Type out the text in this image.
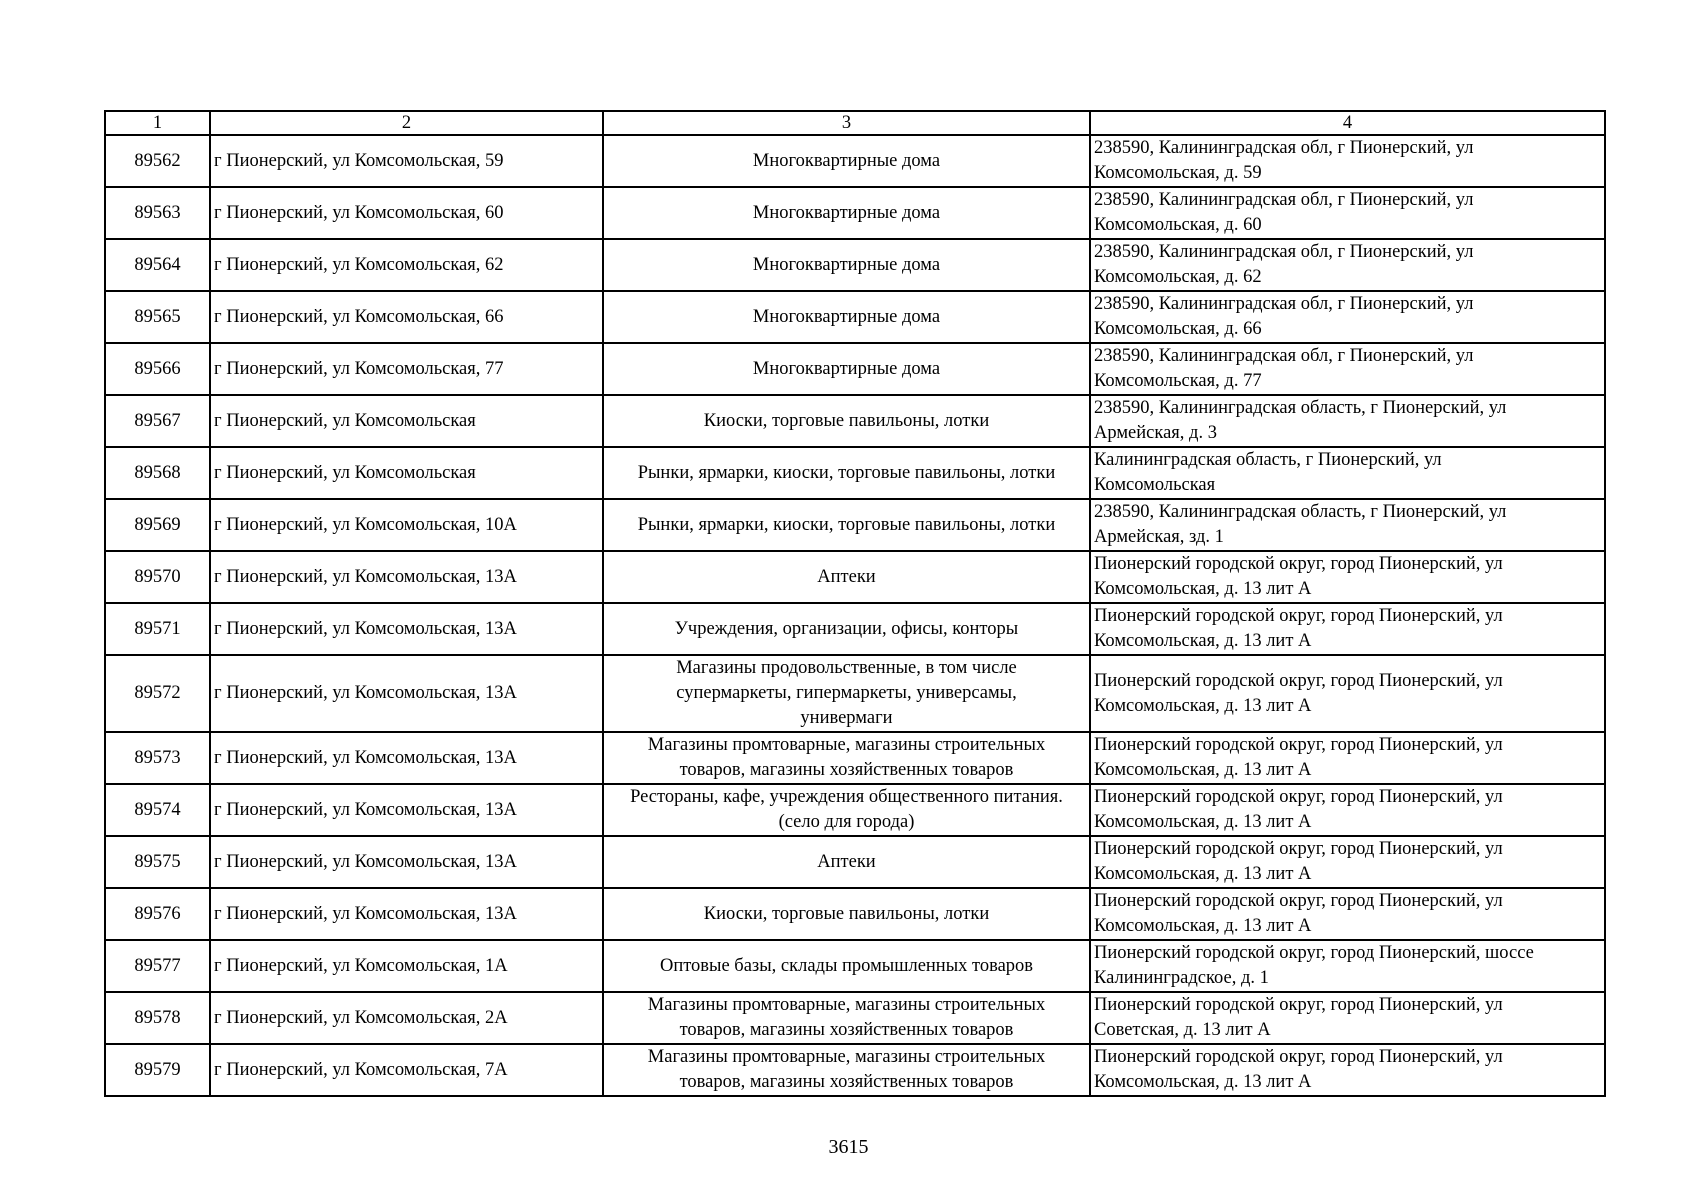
1	2	3	4
89562	г Пионерский, ул Комсомольская, 59	Многоквартирные дома	238590, Калининградская обл, г Пионерский, ул
Комсомольская, д. 59
89563	г Пионерский, ул Комсомольская, 60	Многоквартирные дома	238590, Калининградская обл, г Пионерский, ул
Комсомольская, д. 60
89564	г Пионерский, ул Комсомольская, 62	Многоквартирные дома	238590, Калининградская обл, г Пионерский, ул
Комсомольская, д. 62
89565	г Пионерский, ул Комсомольская, 66	Многоквартирные дома	238590, Калининградская обл, г Пионерский, ул
Комсомольская, д. 66
89566	г Пионерский, ул Комсомольская, 77	Многоквартирные дома	238590, Калининградская обл, г Пионерский, ул
Комсомольская, д. 77
89567	г Пионерский, ул Комсомольская	Киоски, торговые павильоны, лотки	238590, Калининградская область, г Пионерский, ул
Армейская, д. 3
89568	г Пионерский, ул Комсомольская	Рынки, ярмарки, киоски, торговые павильоны, лотки	Калининградская область, г Пионерский, ул
Комсомольская
89569	г Пионерский, ул Комсомольская, 10А	Рынки, ярмарки, киоски, торговые павильоны, лотки	238590, Калининградская область, г Пионерский, ул
Армейская, зд. 1
89570	г Пионерский, ул Комсомольская, 13А	Аптеки	Пионерский городской округ, город Пионерский, ул
Комсомольская, д. 13 лит А
89571	г Пионерский, ул Комсомольская, 13А	Учреждения, организации, офисы, конторы	Пионерский городской округ, город Пионерский, ул
Комсомольская, д. 13 лит А
89572	г Пионерский, ул Комсомольская, 13А	Магазины продовольственные, в том числе
супермаркеты, гипермаркеты, универсамы,
универмаги	Пионерский городской округ, город Пионерский, ул
Комсомольская, д. 13 лит А
89573	г Пионерский, ул Комсомольская, 13А	Магазины промтоварные, магазины строительных
товаров, магазины хозяйственных товаров	Пионерский городской округ, город Пионерский, ул
Комсомольская, д. 13 лит А
89574	г Пионерский, ул Комсомольская, 13А	Рестораны, кафе, учреждения общественного питания.
(село для города)	Пионерский городской округ, город Пионерский, ул
Комсомольская, д. 13 лит А
89575	г Пионерский, ул Комсомольская, 13А	Аптеки	Пионерский городской округ, город Пионерский, ул
Комсомольская, д. 13 лит А
89576	г Пионерский, ул Комсомольская, 13А	Киоски, торговые павильоны, лотки	Пионерский городской округ, город Пионерский, ул
Комсомольская, д. 13 лит А
89577	г Пионерский, ул Комсомольская, 1А	Оптовые базы, склады промышленных товаров	Пионерский городской округ, город Пионерский, шоссе
Калининградское, д. 1
89578	г Пионерский, ул Комсомольская, 2А	Магазины промтоварные, магазины строительных
товаров, магазины хозяйственных товаров	Пионерский городской округ, город Пионерский, ул
Советская, д. 13 лит А
89579	г Пионерский, ул Комсомольская, 7А	Магазины промтоварные, магазины строительных
товаров, магазины хозяйственных товаров	Пионерский городской округ, город Пионерский, ул
Комсомольская, д. 13 лит А
3615
